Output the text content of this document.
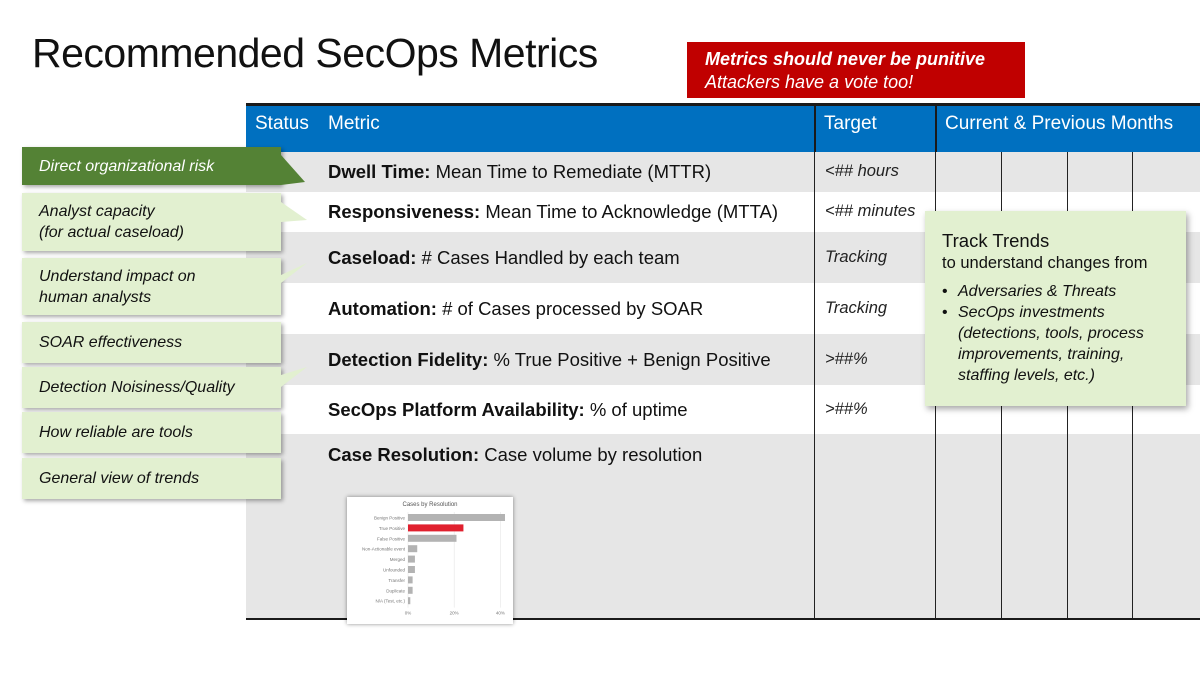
Recommended SecOps Metrics	Metrics should never be punitive
Attackers have a vote too!
Status Metric	Target	Current & Previous Months
Dwell Time: Mean Time to Remediate (MTTR)	<## hours
Responsiveness: Mean Time to Acknowledge (MTTA)	<## minutes
Caseload: # Cases Handled by each team	Tracking
Automation: # of Cases processed by SOAR	Tracking
Detection Fidelity: % True Positive + Benign Positive	>##%
SecOps Platform Availability: % of uptime	>##%
Case Resolution: Case volume by resolution
Cases by Resolution
Benign Positive
True Positive
False Positive
Non-Actionable event
Merged
Unfounded
Transfer
Duplicate
N/A (Test, etc.)
0%	20%	40%
Direct organizational risk
Analyst capacity
(for actual caseload)
Understand impact on
human analysts
SOAR effectiveness
Detection Noisiness/Quality
How reliable are tools
General view of trends
Track Trends
to understand changes from
• Adversaries & Threats
• SecOps investments (detections, tools, process improvements, training, staffing levels, etc.)
